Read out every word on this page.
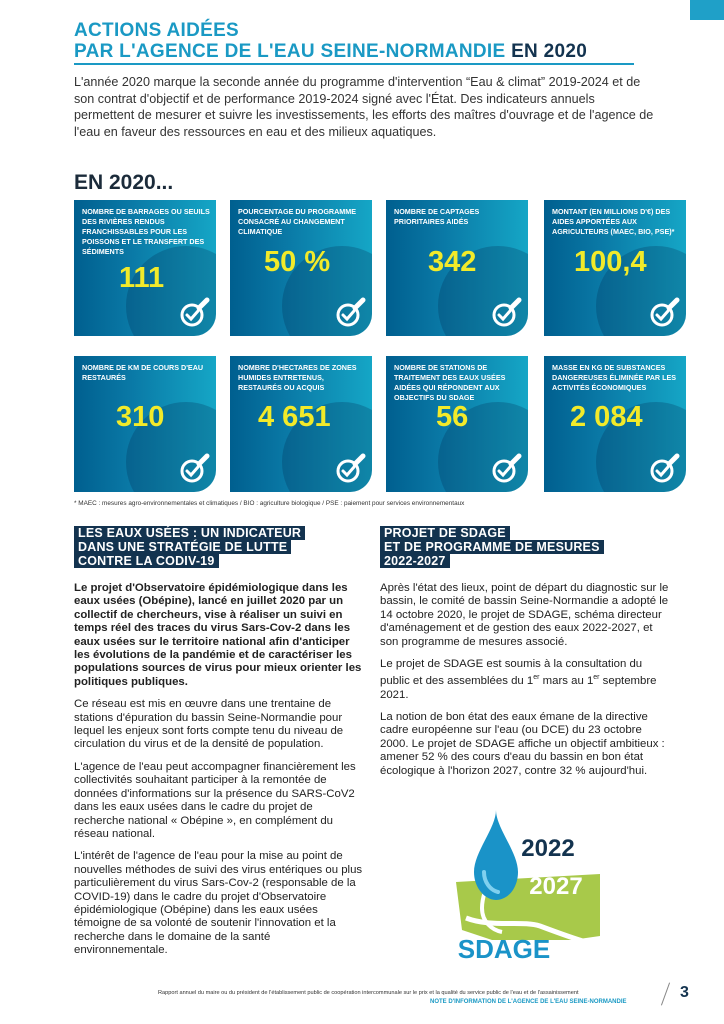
ACTIONS AIDÉES
PAR L'AGENCE DE L'EAU SEINE-NORMANDIE EN 2020

L'année 2020 marque la seconde année du programme d'intervention “Eau & climat” 2019-2024 et de son contrat d'objectif et de performance 2019-2024 signé avec l'État. Des indicateurs annuels permettent de mesurer et suivre les investissements, les efforts des maîtres d'ouvrage et de l'agence de l'eau en faveur des ressources en eau et des milieux aquatiques.

EN 2020...
NOMBRE DE BARRAGES OU SEUILS DES RIVIÈRES RENDUS FRANCHISSABLES POUR LES POISSONS ET LE TRANSFERT DES SÉDIMENTS
111
POURCENTAGE DU PROGRAMME CONSACRÉ AU CHANGEMENT CLIMATIQUE
50 %
NOMBRE DE CAPTAGES PRIORITAIRES AIDÉS
342
MONTANT (EN MILLIONS D'€) DES AIDES APPORTÉES AUX AGRICULTEURS (MAEC, BIO, PSE)*
100,4
NOMBRE DE KM DE COURS D'EAU RESTAURÉS
310
NOMBRE D'HECTARES DE ZONES HUMIDES ENTRETENUS, RESTAURÉS OU ACQUIS
4 651
NOMBRE DE STATIONS DE TRAITEMENT DES EAUX USÉES AIDÉES QUI RÉPONDENT AUX OBJECTIFS DU SDAGE
56
MASSE EN KG DE SUBSTANCES DANGEREUSES ÉLIMINÉE PAR LES ACTIVITÉS ÉCONOMIQUES
2 084
* MAEC : mesures agro-environnementales et climatiques / BIO : agriculture biologique / PSE : paiement pour services environnementaux
LES EAUX USÉES : UN INDICATEUR
DANS UNE STRATÉGIE DE LUTTE
CONTRE LA CODIV-19

Le projet d'Observatoire épidémiologique dans les eaux usées (Obépine), lancé en juillet 2020 par un collectif de chercheurs, vise à réaliser un suivi en temps réel des traces du virus Sars-Cov-2 dans les eaux usées sur le territoire national afin d'anticiper les évolutions de la pandémie et de caractériser les populations sources de virus pour mieux orienter les politiques publiques.

Ce réseau est mis en œuvre dans une trentaine de stations d'épuration du bassin Seine-Normandie pour lequel les enjeux sont forts compte tenu du niveau de circulation du virus et de la densité de population.

L'agence de l'eau peut accompagner financièrement les collectivités souhaitant participer à la remontée de données d'informations sur la présence du SARS-CoV2 dans les eaux usées dans le cadre du projet de recherche national « Obépine », en complément du réseau national.

L'intérêt de l'agence de l'eau pour la mise au point de nouvelles méthodes de suivi des virus entériques ou plus particulièrement du virus Sars-Cov-2 (responsable de la COVID-19) dans le cadre du projet d'Observatoire épidémiologique (Obépine) dans les eaux usées témoigne de sa volonté de soutenir l'innovation et la recherche dans le domaine de la santé environnementale.

PROJET DE SDAGE
ET DE PROGRAMME DE MESURES
2022-2027

Après l'état des lieux, point de départ du diagnostic sur le bassin, le comité de bassin Seine-Normandie a adopté le 14 octobre 2020, le projet de SDAGE, schéma directeur d'aménagement et de gestion des eaux 2022-2027, et son programme de mesures associé.

Le projet de SDAGE est soumis à la consultation du public et des assemblées du 1er mars au 1er septembre 2021.

La notion de bon état des eaux émane de la directive cadre européenne sur l'eau (ou DCE) du 23 octobre 2000. Le projet de SDAGE affiche un objectif ambitieux : amener 52 % des cours d'eau du bassin en bon état écologique à l'horizon 2027, contre 32 % aujourd'hui.

2022
2027
SDAGE
Rapport annuel du maire ou du président de l'établissement public de coopération intercommunale sur le prix et la qualité du service public de l'eau et de l'assainissement
NOTE D'INFORMATION DE L'AGENCE DE L'EAU SEINE-NORMANDIE
3
